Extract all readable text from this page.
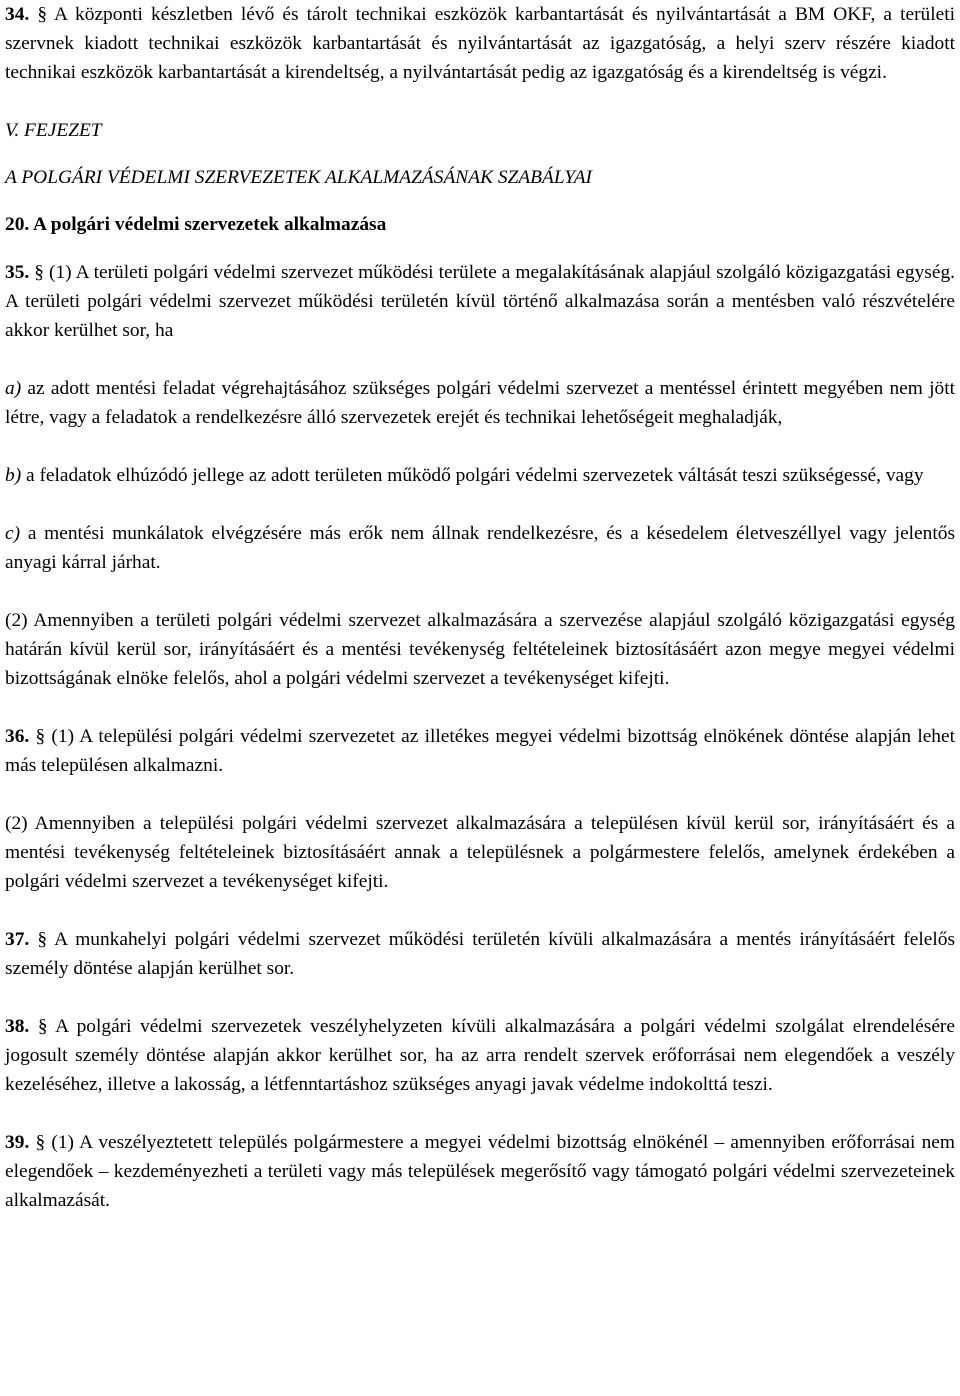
34. § A központi készletben lévő és tárolt technikai eszközök karbantartását és nyilvántartását a BM OKF, a területi szervnek kiadott technikai eszközök karbantartását és nyilvántartását az igazgatóság, a helyi szerv részére kiadott technikai eszközök karbantartását a kirendeltség, a nyilvántartását pedig az igazgatóság és a kirendeltség is végzi.

V. FEJEZET

A POLGÁRI VÉDELMI SZERVEZETEK ALKALMAZÁSÁNAK SZABÁLYAI

20. A polgári védelmi szervezetek alkalmazása

35. § (1) A területi polgári védelmi szervezet működési területe a megalakításának alapjául szolgáló közigazgatási egység. A területi polgári védelmi szervezet működési területén kívül történő alkalmazása során a mentésben való részvételére akkor kerülhet sor, ha

a) az adott mentési feladat végrehajtásához szükséges polgári védelmi szervezet a mentéssel érintett megyében nem jött létre, vagy a feladatok a rendelkezésre álló szervezetek erejét és technikai lehetőségeit meghaladják,

b) a feladatok elhúzódó jellege az adott területen működő polgári védelmi szervezetek váltását teszi szükségessé, vagy

c) a mentési munkálatok elvégzésére más erők nem állnak rendelkezésre, és a késedelem életveszéllyel vagy jelentős anyagi kárral járhat.

(2) Amennyiben a területi polgári védelmi szervezet alkalmazására a szervezése alapjául szolgáló közigazgatási egység határán kívül kerül sor, irányításáért és a mentési tevékenység feltételeinek biztosításáért azon megye megyei védelmi bizottságának elnöke felelős, ahol a polgári védelmi szervezet a tevékenységet kifejti.

36. § (1) A települési polgári védelmi szervezetet az illetékes megyei védelmi bizottság elnökének döntése alapján lehet más településen alkalmazni.

(2) Amennyiben a települési polgári védelmi szervezet alkalmazására a településen kívül kerül sor, irányításáért és a mentési tevékenység feltételeinek biztosításáért annak a településnek a polgármestere felelős, amelynek érdekében a polgári védelmi szervezet a tevékenységet kifejti.

37. § A munkahelyi polgári védelmi szervezet működési területén kívüli alkalmazására a mentés irányításáért felelős személy döntése alapján kerülhet sor.

38. § A polgári védelmi szervezetek veszélyhelyzeten kívüli alkalmazására a polgári védelmi szolgálat elrendelésére jogosult személy döntése alapján akkor kerülhet sor, ha az arra rendelt szervek erőforrásai nem elegendőek a veszély kezeléséhez, illetve a lakosság, a létfenntartáshoz szükséges anyagi javak védelme indokolttá teszi.

39. § (1) A veszélyeztetett település polgármestere a megyei védelmi bizottság elnökénél – amennyiben erőforrásai nem elegendőek – kezdeményezheti a területi vagy más települések megerősítő vagy támogató polgári védelmi szervezeteinek alkalmazását.
